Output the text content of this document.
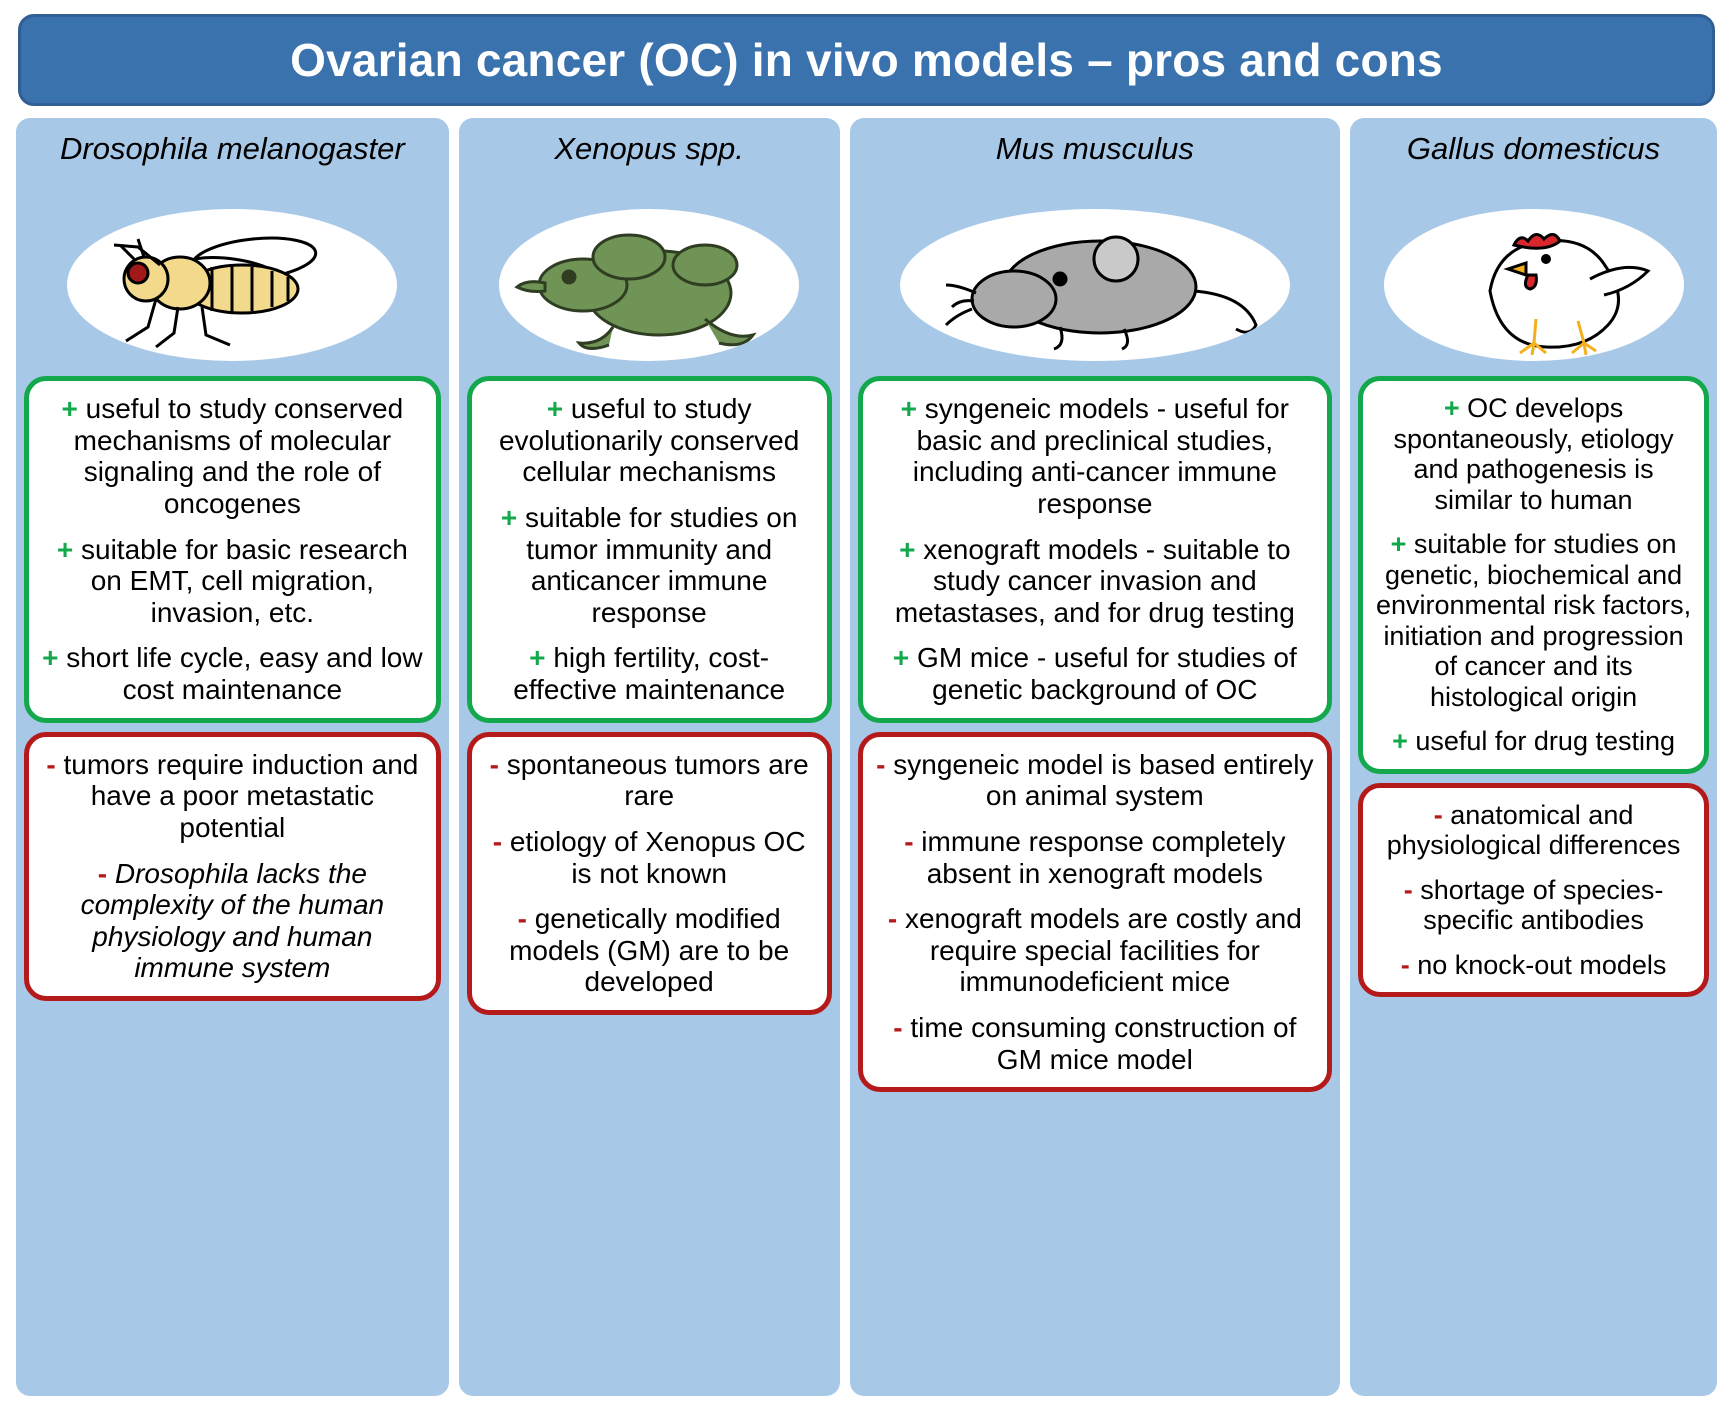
Ovarian cancer (OC) in vivo models – pros and cons
Drosophila melanogaster

+ useful to study conserved mechanisms of molecular signaling and the role of oncogenes

+ suitable for basic research on EMT, cell migration, invasion, etc.

+ short life cycle, easy and low cost maintenance

- tumors require induction and have a poor metastatic potential

- Drosophila lacks the complexity of the human physiology and human immune system

Xenopus spp.

+ useful to study evolutionarily conserved cellular mechanisms

+ suitable for studies on tumor immunity and anticancer immune response

+ high fertility, cost-effective maintenance

- spontaneous tumors are rare

- etiology of Xenopus OC is not known

- genetically modified models (GM) are to be developed

Mus musculus

+ syngeneic models - useful for basic and preclinical studies, including anti-cancer immune response

+ xenograft models - suitable to study cancer invasion and metastases, and for drug testing

+ GM mice - useful for studies of genetic background of OC

- syngeneic model is based entirely on animal system

- immune response completely absent in xenograft models

- xenograft models are costly and require special facilities for immunodeficient mice

- time consuming construction of GM mice model

Gallus domesticus

+ OC develops spontaneously, etiology and pathogenesis is similar to human

+ suitable for studies on genetic, biochemical and environmental risk factors, initiation and progression of cancer and its histological origin

+ useful for drug testing

- anatomical and physiological differences

- shortage of species-specific antibodies

- no knock-out models
